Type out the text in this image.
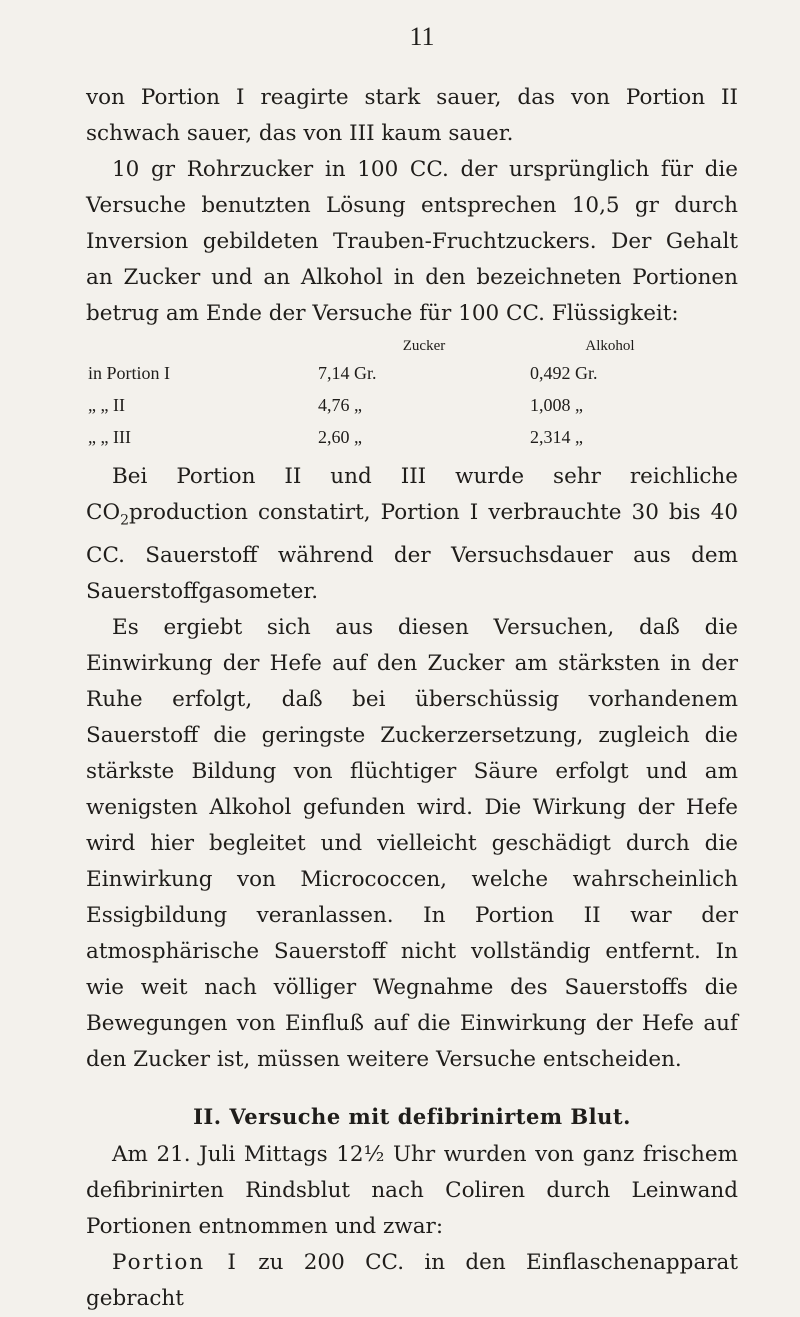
11

von Portion I reagirte stark sauer, das von Portion II schwach sauer, das von III kaum sauer.

10 gr Rohrzucker in 100 CC. der ursprünglich für die Versuche benutzten Lösung entsprechen 10,5 gr durch Inversion gebildeten Trauben-Fruchtzuckers. Der Gehalt an Zucker und an Alkohol in den bezeichneten Portionen betrug am Ende der Versuche für 100 CC. Flüssigkeit:

	Zucker	Alkohol
in Portion I	7,14 Gr.	0,492 Gr.
„ „ II	4,76 „	1,008 „
„ „ III	2,60 „	2,314 „

Bei Portion II und III wurde sehr reichliche $CO_2production$ constatirt, Portion I verbrauchte 30 bis 40 CC. Sauerstoff während der Versuchsdauer aus dem Sauerstoffgasometer.

Es ergiebt sich aus diesen Versuchen, daß die Einwirkung der Hefe auf den Zucker am stärksten in der Ruhe erfolgt, daß bei überschüssig vorhandenem Sauerstoff die geringste Zuckerzersetzung, zugleich die stärkste Bildung von flüchtiger Säure erfolgt und am wenigsten Alkohol gefunden wird. Die Wirkung der Hefe wird hier begleitet und vielleicht geschädigt durch die Einwirkung von Micrococcen, welche wahrscheinlich Essigbildung veranlassen. In Portion II war der atmosphärische Sauerstoff nicht vollständig entfernt. In wie weit nach völliger Wegnahme des Sauerstoffs die Bewegungen von Einfluß auf die Einwirkung der Hefe auf den Zucker ist, müssen weitere Versuche entscheiden.

II. Versuche mit defibrinirtem Blut.

Am 21. Juli Mittags 12½ Uhr wurden von ganz frischem defibrinirten Rindsblut nach Coliren durch Leinwand Portionen entnommen und zwar:

Portion I zu 200 CC. in den Einflaschenapparat gebracht
